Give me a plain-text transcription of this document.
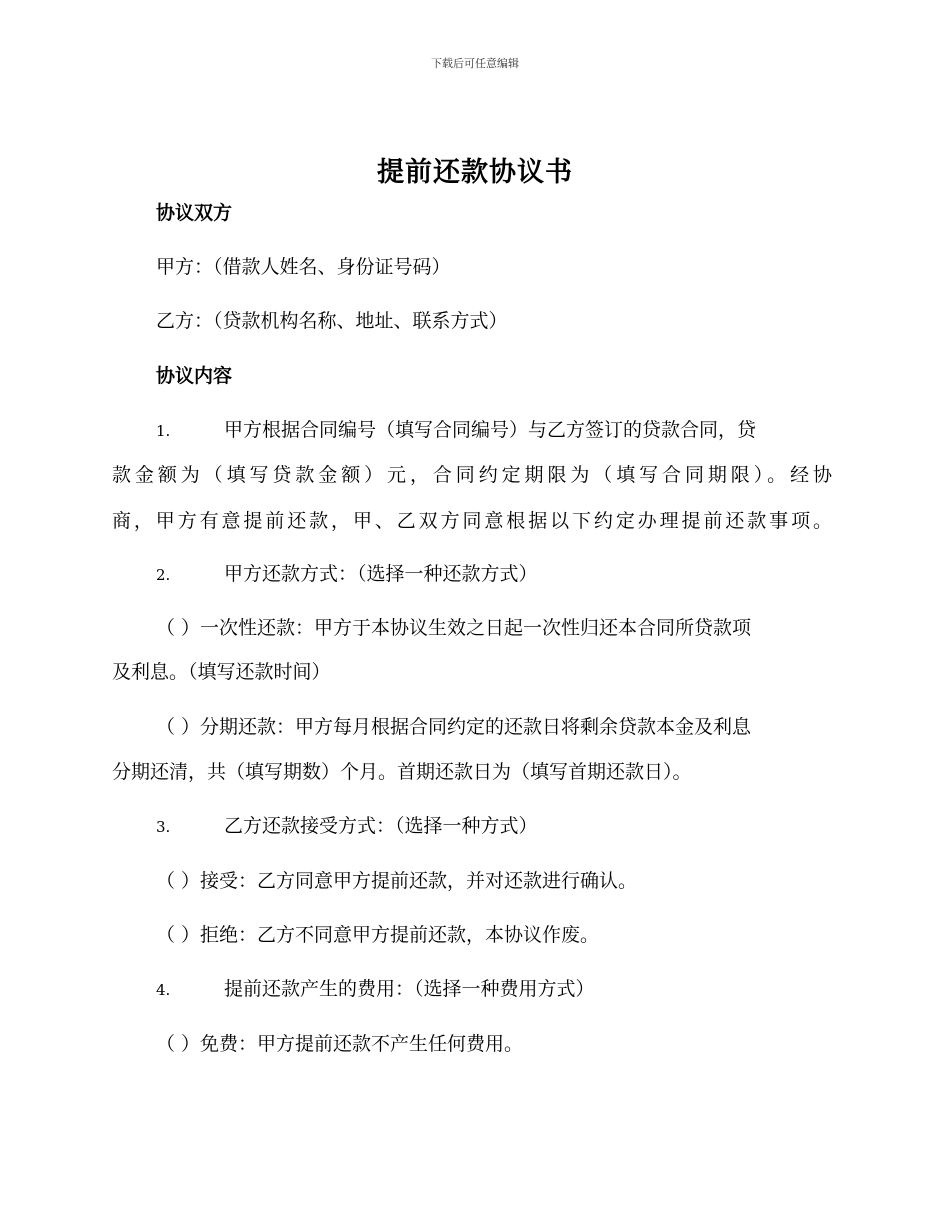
下载后可任意编辑
提前还款协议书
协议双方
甲方：（借款人姓名、身份证号码）
乙方：（贷款机构名称、地址、联系方式）
协议内容
1.	甲方根据合同编号（填写合同编号）与乙方签订的贷款合同，贷
款金额为（填写贷款金额）元，合同约定期限为（填写合同期限）。经协
商，甲方有意提前还款，甲、乙双方同意根据以下约定办理提前还款事项。
2.	甲方还款方式：（选择一种还款方式）
（ ）一次性还款：甲方于本协议生效之日起一次性归还本合同所贷款项
及利息。（填写还款时间）
（ ）分期还款：甲方每月根据合同约定的还款日将剩余贷款本金及利息
分期还清，共（填写期数）个月。首期还款日为（填写首期还款日）。
3.	乙方还款接受方式：（选择一种方式）
（ ）接受：乙方同意甲方提前还款，并对还款进行确认。
（ ）拒绝：乙方不同意甲方提前还款，本协议作废。
4.	提前还款产生的费用：（选择一种费用方式）
（ ）免费：甲方提前还款不产生任何费用。
